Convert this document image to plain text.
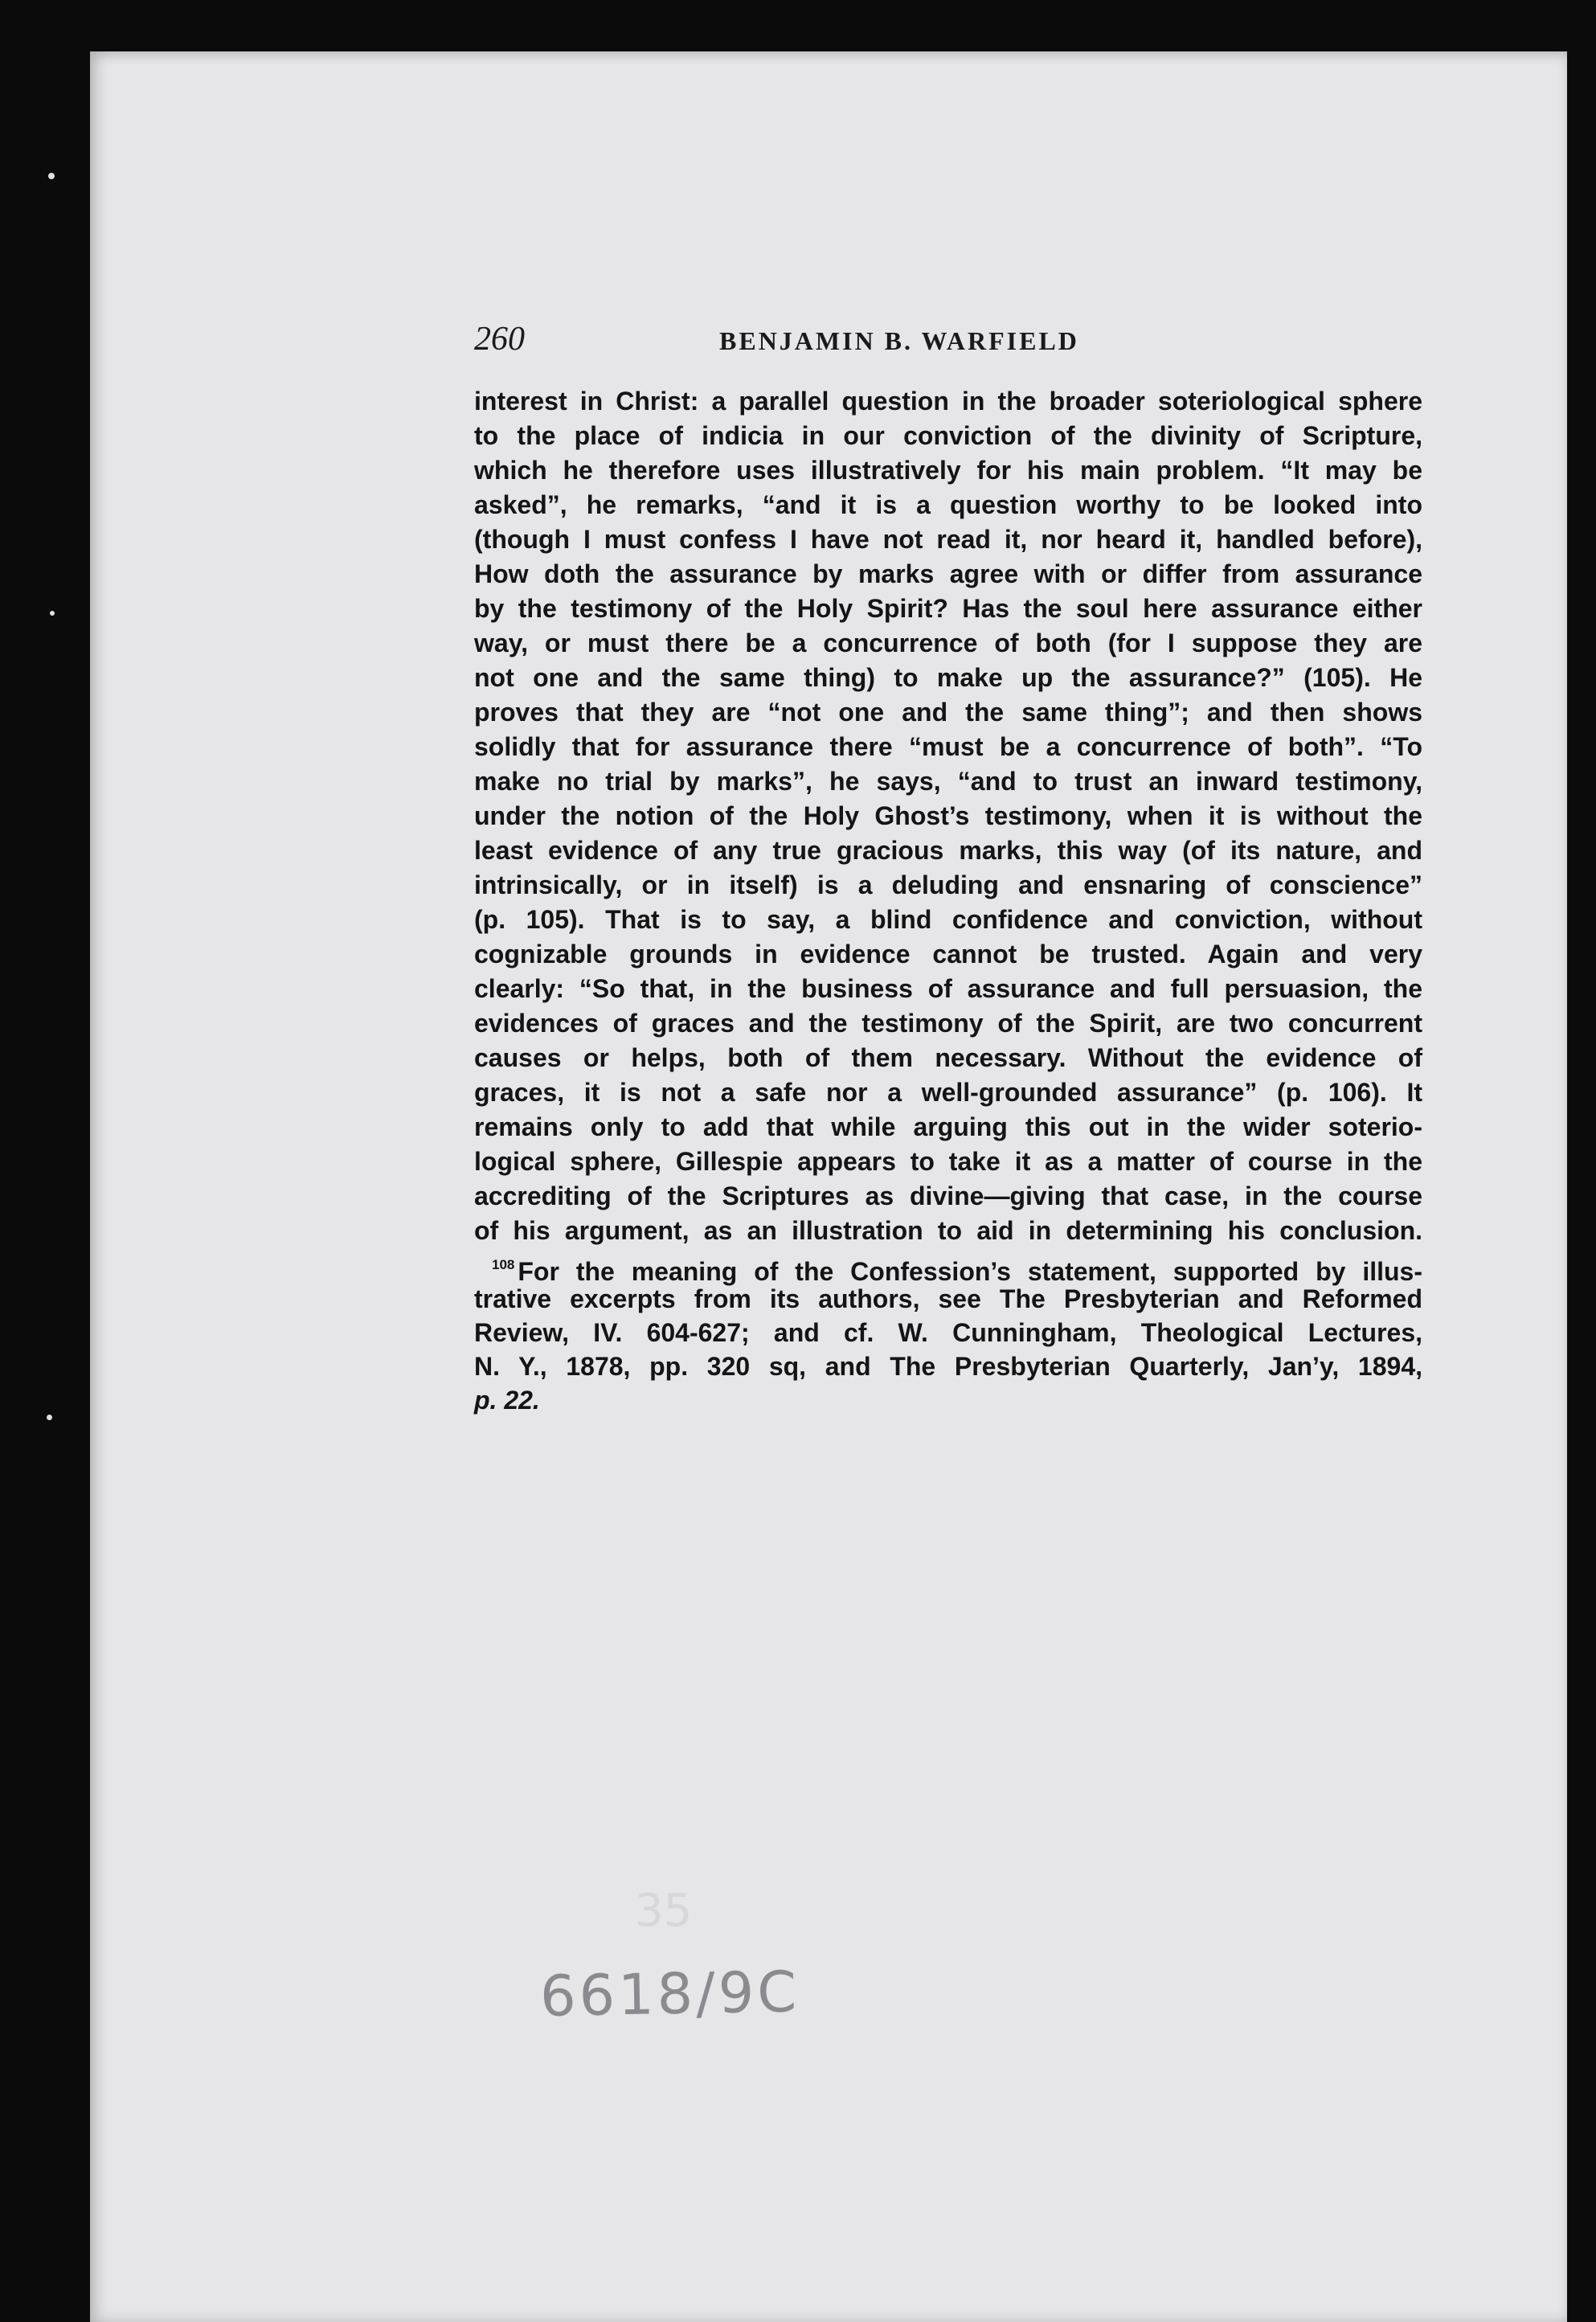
260	BENJAMIN B. WARFIELD
interest in Christ: a parallel question in the broader soteriological sphere
to the place of indicia in our conviction of the divinity of Scripture,
which he therefore uses illustratively for his main problem. “It may be
asked”, he remarks, “and it is a question worthy to be looked into
(though I must confess I have not read it, nor heard it, handled before),
How doth the assurance by marks agree with or differ from assurance
by the testimony of the Holy Spirit? Has the soul here assurance either
way, or must there be a concurrence of both (for I suppose they are
not one and the same thing) to make up the assurance?” (105). He
proves that they are “not one and the same thing”; and then shows
solidly that for assurance there “must be a concurrence of both”. “To
make no trial by marks”, he says, “and to trust an inward testimony,
under the notion of the Holy Ghost’s testimony, when it is without the
least evidence of any true gracious marks, this way (of its nature, and
intrinsically, or in itself) is a deluding and ensnaring of conscience”
(p. 105). That is to say, a blind confidence and conviction, without
cognizable grounds in evidence cannot be trusted. Again and very
clearly: “So that, in the business of assurance and full persuasion, the
evidences of graces and the testimony of the Spirit, are two concurrent
causes or helps, both of them necessary. Without the evidence of
graces, it is not a safe nor a well-grounded assurance” (p. 106). It
remains only to add that while arguing this out in the wider soterio-
logical sphere, Gillespie appears to take it as a matter of course in the
accrediting of the Scriptures as divine—giving that case, in the course
of his argument, as an illustration to aid in determining his conclusion.
$^{108}$ For the meaning of the Confession’s statement, supported by illus-
trative excerpts from its authors, see The Presbyterian and Reformed
Review, IV. 604-627; and cf. W. Cunningham, Theological Lectures,
N. Y., 1878, pp. 320 sq, and The Presbyterian Quarterly, Jan’y, 1894,
p. 22.
35
6618/9C
